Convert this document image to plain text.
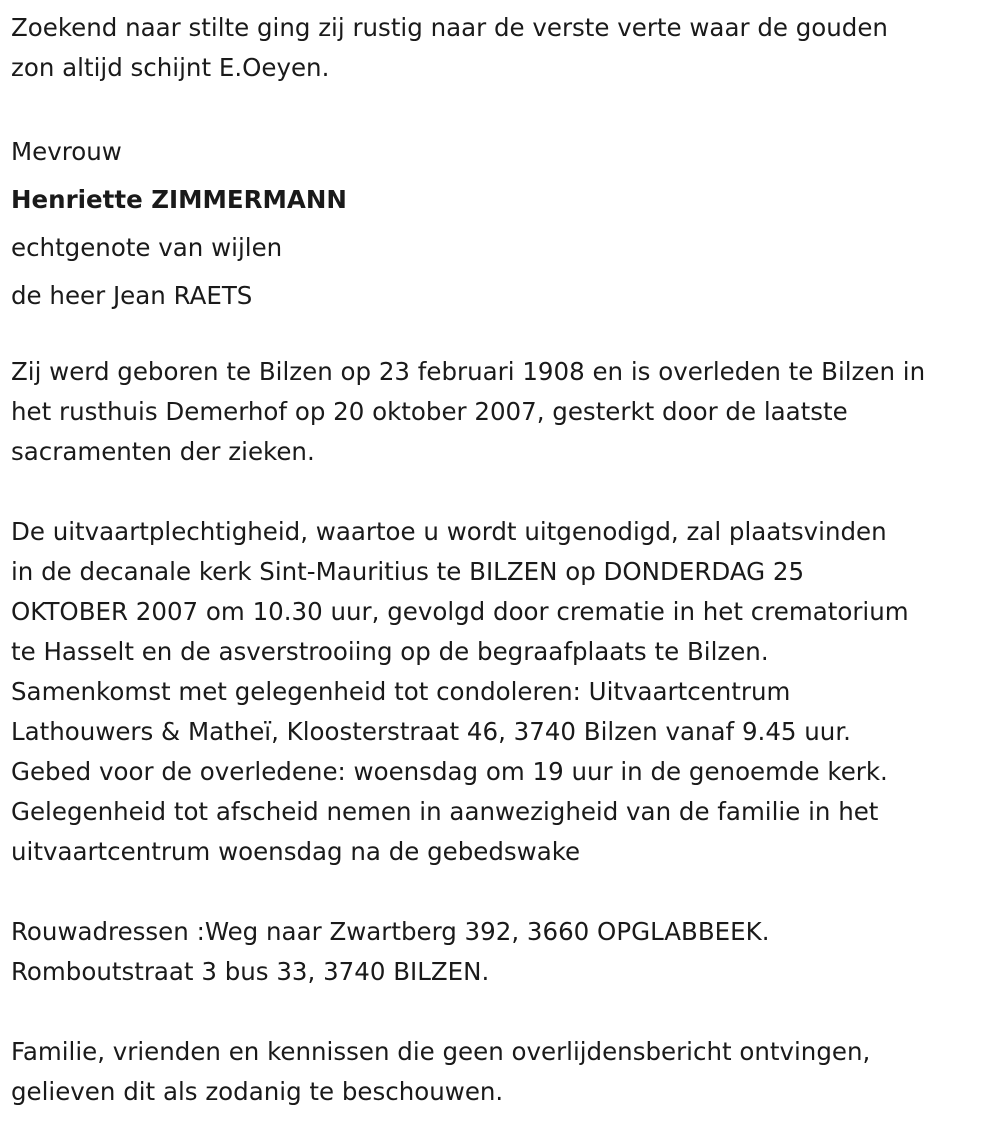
Zoekend naar stilte ging zij rustig naar de verste verte waar de gouden

zon altijd schijnt E.Oeyen.

Mevrouw

Henriette ZIMMERMANN

echtgenote van wijlen

de heer Jean RAETS

Zij werd geboren te Bilzen op 23 februari 1908 en is overleden te Bilzen in

het rusthuis Demerhof op 20 oktober 2007, gesterkt door de laatste

sacramenten der zieken.

De uitvaartplechtigheid, waartoe u wordt uitgenodigd, zal plaatsvinden

in de decanale kerk Sint-Mauritius te BILZEN op DONDERDAG 25

OKTOBER 2007 om 10.30 uur, gevolgd door crematie in het crematorium

te Hasselt en de asverstrooiing op de begraafplaats te Bilzen.

Samenkomst met gelegenheid tot condoleren: Uitvaartcentrum

Lathouwers & Matheï, Kloosterstraat 46, 3740 Bilzen vanaf 9.45 uur.

Gebed voor de overledene: woensdag om 19 uur in de genoemde kerk.

Gelegenheid tot afscheid nemen in aanwezigheid van de familie in het

uitvaartcentrum woensdag na de gebedswake

Rouwadressen :Weg naar Zwartberg 392, 3660 OPGLABBEEK.

Romboutstraat 3 bus 33, 3740 BILZEN.

Familie, vrienden en kennissen die geen overlijdensbericht ontvingen,

gelieven dit als zodanig te beschouwen.
